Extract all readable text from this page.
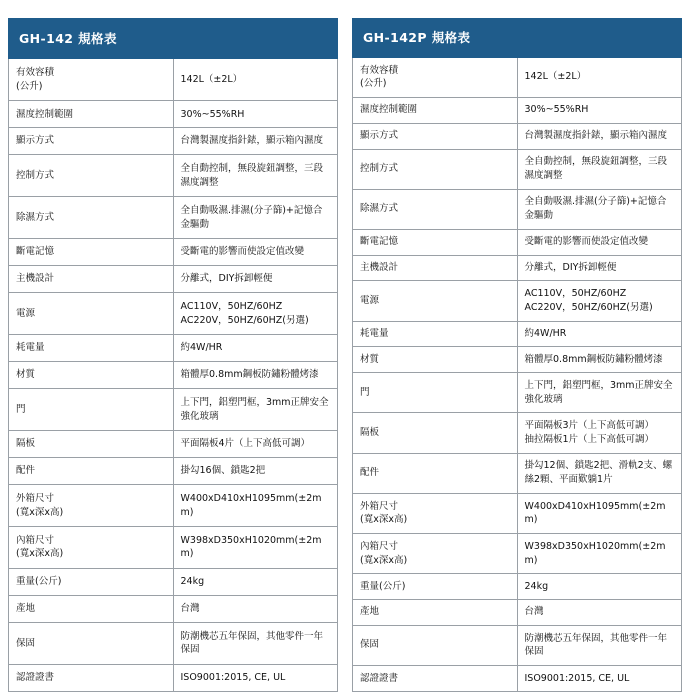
GH-142 規格表	

有效容積
(公升)	142L（±2L）

濕度控制範圍	30%~55%RH

顯示方式	台灣製濕度指針錶，顯示箱內濕度

控制方式	全自動控制，無段旋鈕調整，三段濕度調整

除濕方式	全自動吸濕.排濕(分子篩)+記憶合金驅動

斷電記憶	受斷電的影響而使設定值改變

主機設計	分離式，DIY拆卸輕便

電源	AC110V，50HZ/60HZ
AC220V，50HZ/60HZ(另選)

耗電量	約4W/HR

材質	箱體厚0.8mm鋼板防鏽粉體烤漆

門	上下門，鋁塑門框，3mm正牌安全強化玻璃

隔板	平面隔板4片（上下高低可調）

配件	掛勾16個、鎖匙2把

外箱尺寸
(寬x深x高)	W400xD410xH1095mm(±2mm)

內箱尺寸
(寬x深x高)	W398xD350xH1020mm(±2mm)

重量(公斤)	24kg

產地	台灣

保固	防潮機芯五年保固，其他零件一年保固

認證證書	ISO9001:2015, CE, UL
GH-142P 規格表	

有效容積
(公升)	142L（±2L）

濕度控制範圍	30%~55%RH

顯示方式	台灣製濕度指針錶，顯示箱內濕度

控制方式	全自動控制，無段旋鈕調整，三段濕度調整

除濕方式	全自動吸濕.排濕(分子篩)+記憶合金驅動

斷電記憶	受斷電的影響而使設定值改變

主機設計	分離式，DIY拆卸輕便

電源	AC110V，50HZ/60HZ
AC220V，50HZ/60HZ(另選)

耗電量	約4W/HR

材質	箱體厚0.8mm鋼板防鏽粉體烤漆

門	上下門，鋁塑門框，3mm正牌安全強化玻璃

隔板	平面隔板3片（上下高低可調）
抽拉隔板1片（上下高低可調）

配件	掛勾12個、鎖匙2把、滑軌2支、螺絲2顆、平面歎躺1片

外箱尺寸
(寬x深x高)	W400xD410xH1095mm(±2mm)

內箱尺寸
(寬x深x高)	W398xD350xH1020mm(±2mm)

重量(公斤)	24kg

產地	台灣

保固	防潮機芯五年保固，其他零件一年保固

認證證書	ISO9001:2015, CE, UL
